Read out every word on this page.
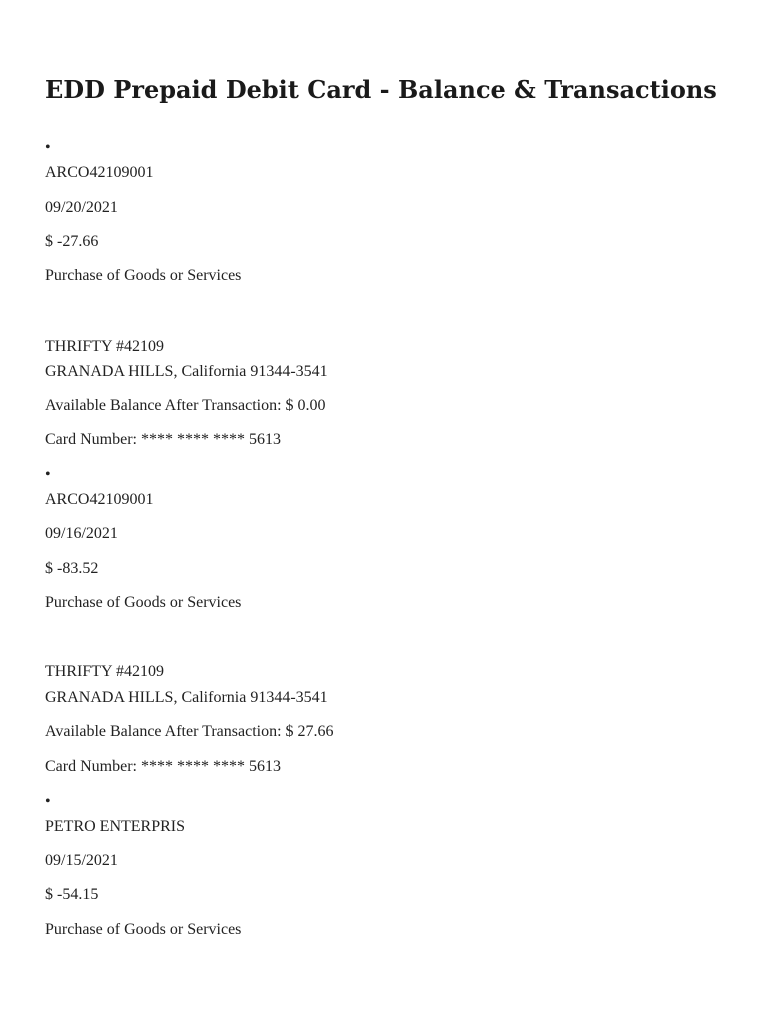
EDD Prepaid Debit Card - Balance & Transactions
•
ARCO42109001
09/20/2021
$ -27.66
Purchase of Goods or Services
THRIFTY #42109
GRANADA HILLS, California 91344-3541
Available Balance After Transaction: $ 0.00
Card Number: **** **** **** 5613
•
ARCO42109001
09/16/2021
$ -83.52
Purchase of Goods or Services
THRIFTY #42109
GRANADA HILLS, California 91344-3541
Available Balance After Transaction: $ 27.66
Card Number: **** **** **** 5613
•
PETRO ENTERPRIS
09/15/2021
$ -54.15
Purchase of Goods or Services
